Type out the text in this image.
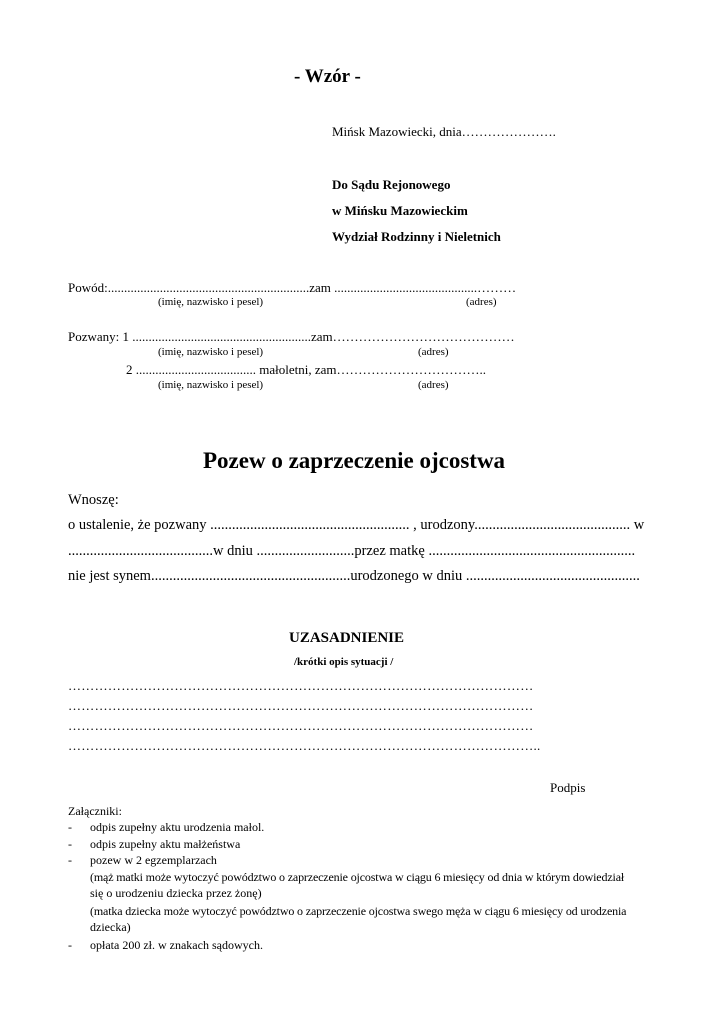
- Wzór -
Mińsk Mazowiecki, dnia………………….
Do Sądu Rejonowego
w Mińsku Mazowieckim
Wydział Rodzinny i Nieletnich
Powód:..............................................................zam ............................................………
(imię, nazwisko i pesel)	(adres)
Pozwany: 1 .......................................................zam……………………………………
(imię, nazwisko i pesel)	(adres)
2 ..................................... małoletni, zam……………………………..
(imię, nazwisko i pesel)	(adres)
Pozew o zaprzeczenie ojcostwa
Wnoszę:
o ustalenie, że pozwany ....................................................... , urodzony........................................... w
........................................w dniu ...........................przez matkę .........................................................
nie jest synem.......................................................urodzonego w dniu ................................................
UZASADNIENIE
/krótki opis sytuacji /
……………………………………………………………………………………………
……………………………………………………………………………………………
……………………………………………………………………………………………
……………………………………………………………………………………………..
Podpis
Załączniki:
- odpis zupełny aktu urodzenia małol.
- odpis zupełny aktu małżeństwa
- pozew w 2 egzemplarzach
(mąż matki może wytoczyć powództwo o zaprzeczenie ojcostwa w ciągu 6 miesięcy od dnia w którym dowiedział
się o urodzeniu dziecka przez żonę)
(matka dziecka może wytoczyć powództwo o zaprzeczenie ojcostwa swego męża w ciągu 6 miesięcy od urodzenia
dziecka)
- opłata 200 zł. w znakach sądowych.
